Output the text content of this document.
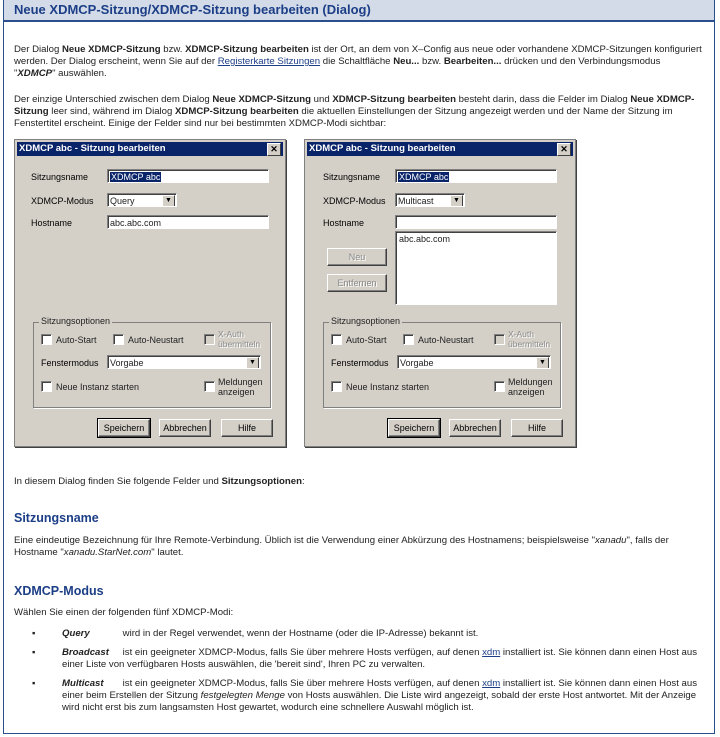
Neue XDMCP-Sitzung/XDMCP-Sitzung bearbeiten (Dialog)

Der Dialog Neue XDMCP-Sitzung bzw. XDMCP-Sitzung bearbeiten ist der Ort, an dem von X–Config aus neue oder vorhandene XDMCP-Sitzungen konfiguriert werden. Der Dialog erscheint, wenn Sie auf der Registerkarte Sitzungen die Schaltfläche Neu... bzw. Bearbeiten... drücken und den Verbindungsmodus "XDMCP" auswählen.

Der einzige Unterschied zwischen dem Dialog Neue XDMCP-Sitzung und XDMCP-Sitzung bearbeiten besteht darin, dass die Felder im Dialog Neue XDMCP-Sitzung leer sind, während im Dialog XDMCP-Sitzung bearbeiten die aktuellen Einstellungen der Sitzung angezeigt werden und der Name der Sitzung im Fenstertitel erscheint. Einige der Felder sind nur bei bestimmten XDMCP-Modi sichtbar:

XDMCP abc - Sitzung bearbeiten	✕
Sitzungsname	XDMCP abc
XDMCP-Modus	Query	▼
Hostname	abc.abc.com
Sitzungsoptionen
Auto-Start	Auto-Neustart
X-Auth übermitteln
Fenstermodus	Vorgabe	▼
Neue Instanz starten	Meldungen anzeigen
Speichern	Abbrechen	Hilfe
XDMCP abc - Sitzung bearbeiten	✕
Sitzungsname	XDMCP abc
XDMCP-Modus	Multicast	▼
Hostname
abc.abc.com
Neu
Entfernen
Sitzungsoptionen
Auto-Start	Auto-Neustart
X-Auth übermitteln
Fenstermodus	Vorgabe	▼
Neue Instanz starten	Meldungen anzeigen
Speichern	Abbrechen	Hilfe

In diesem Dialog finden Sie folgende Felder und Sitzungsoptionen:

Sitzungsname

Eine eindeutige Bezeichnung für Ihre Remote-Verbindung. Üblich ist die Verwendung einer Abkürzung des Hostnamens; beispielsweise "xanadu", falls der Hostname "xanadu.StarNet.com" lautet.

XDMCP-Modus

Wählen Sie einen der folgenden fünf XDMCP-Modi:

▪	Query	wird in der Regel verwendet, wenn der Hostname (oder die IP-Adresse) bekannt ist.
▪	Broadcast ist ein geeigneter XDMCP-Modus, falls Sie über mehrere Hosts verfügen, auf denen xdm installiert ist. Sie können dann einen Host aus einer Liste von verfügbaren Hosts auswählen, die 'bereit sind', Ihren PC zu verwalten.
▪	Multicast ist ein geeigneter XDMCP-Modus, falls Sie über mehrere Hosts verfügen, auf denen xdm installiert ist. Sie können dann einen Host aus einer beim Erstellen der Sitzung festgelegten Menge von Hosts auswählen. Die Liste wird angezeigt, sobald der erste Host antwortet. Mit der Anzeige wird nicht erst bis zum langsamsten Host gewartet, wodurch eine schnellere Auswahl möglich ist.
